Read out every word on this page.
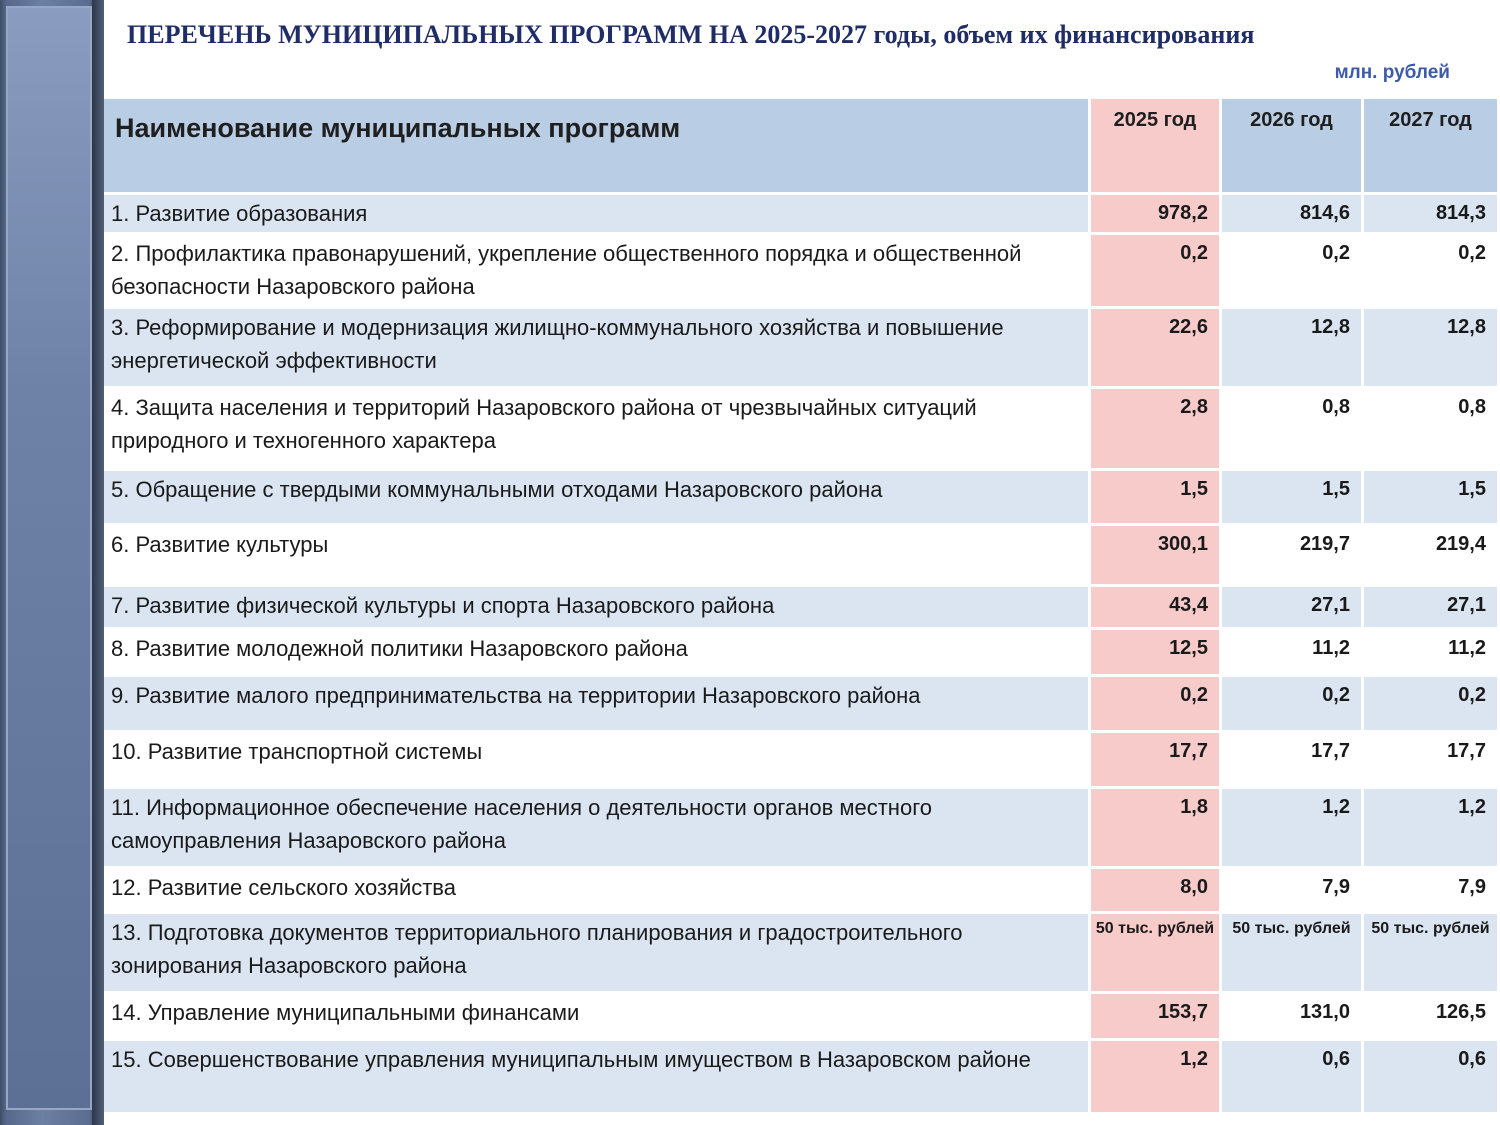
ПЕРЕЧЕНЬ МУНИЦИПАЛЬНЫХ ПРОГРАММ НА 2025-2027 годы, объем их финансирования
млн. рублей
Наименование муниципальных программ	2025 год	2026 год	2027 год
1. Развитие образования	978,2	814,6	814,3
2. Профилактика правонарушений, укрепление общественного порядка и общественной безопасности Назаровского района	0,2	0,2	0,2
3. Реформирование и модернизация жилищно-коммунального хозяйства и повышение энергетической эффективности	22,6	12,8	12,8
4. Защита населения и территорий Назаровского района от чрезвычайных ситуаций природного и техногенного характера	2,8	0,8	0,8
5. Обращение с твердыми коммунальными отходами Назаровского района	1,5	1,5	1,5
6. Развитие культуры	300,1	219,7	219,4
7. Развитие физической культуры и спорта Назаровского района	43,4	27,1	27,1
8. Развитие молодежной политики Назаровского района	12,5	11,2	11,2
9. Развитие малого предпринимательства на территории Назаровского района	0,2	0,2	0,2
10. Развитие транспортной системы	17,7	17,7	17,7
11. Информационное обеспечение населения о деятельности органов местного самоуправления Назаровского района	1,8	1,2	1,2
12. Развитие сельского хозяйства	8,0	7,9	7,9
13. Подготовка документов территориального планирования и градостроительного зонирования Назаровского района	50 тыс. рублей	50 тыс. рублей	50 тыс. рублей
14. Управление муниципальными финансами	153,7	131,0	126,5
15. Совершенствование управления муниципальным имуществом в Назаровском районе	1,2	0,6	0,6
